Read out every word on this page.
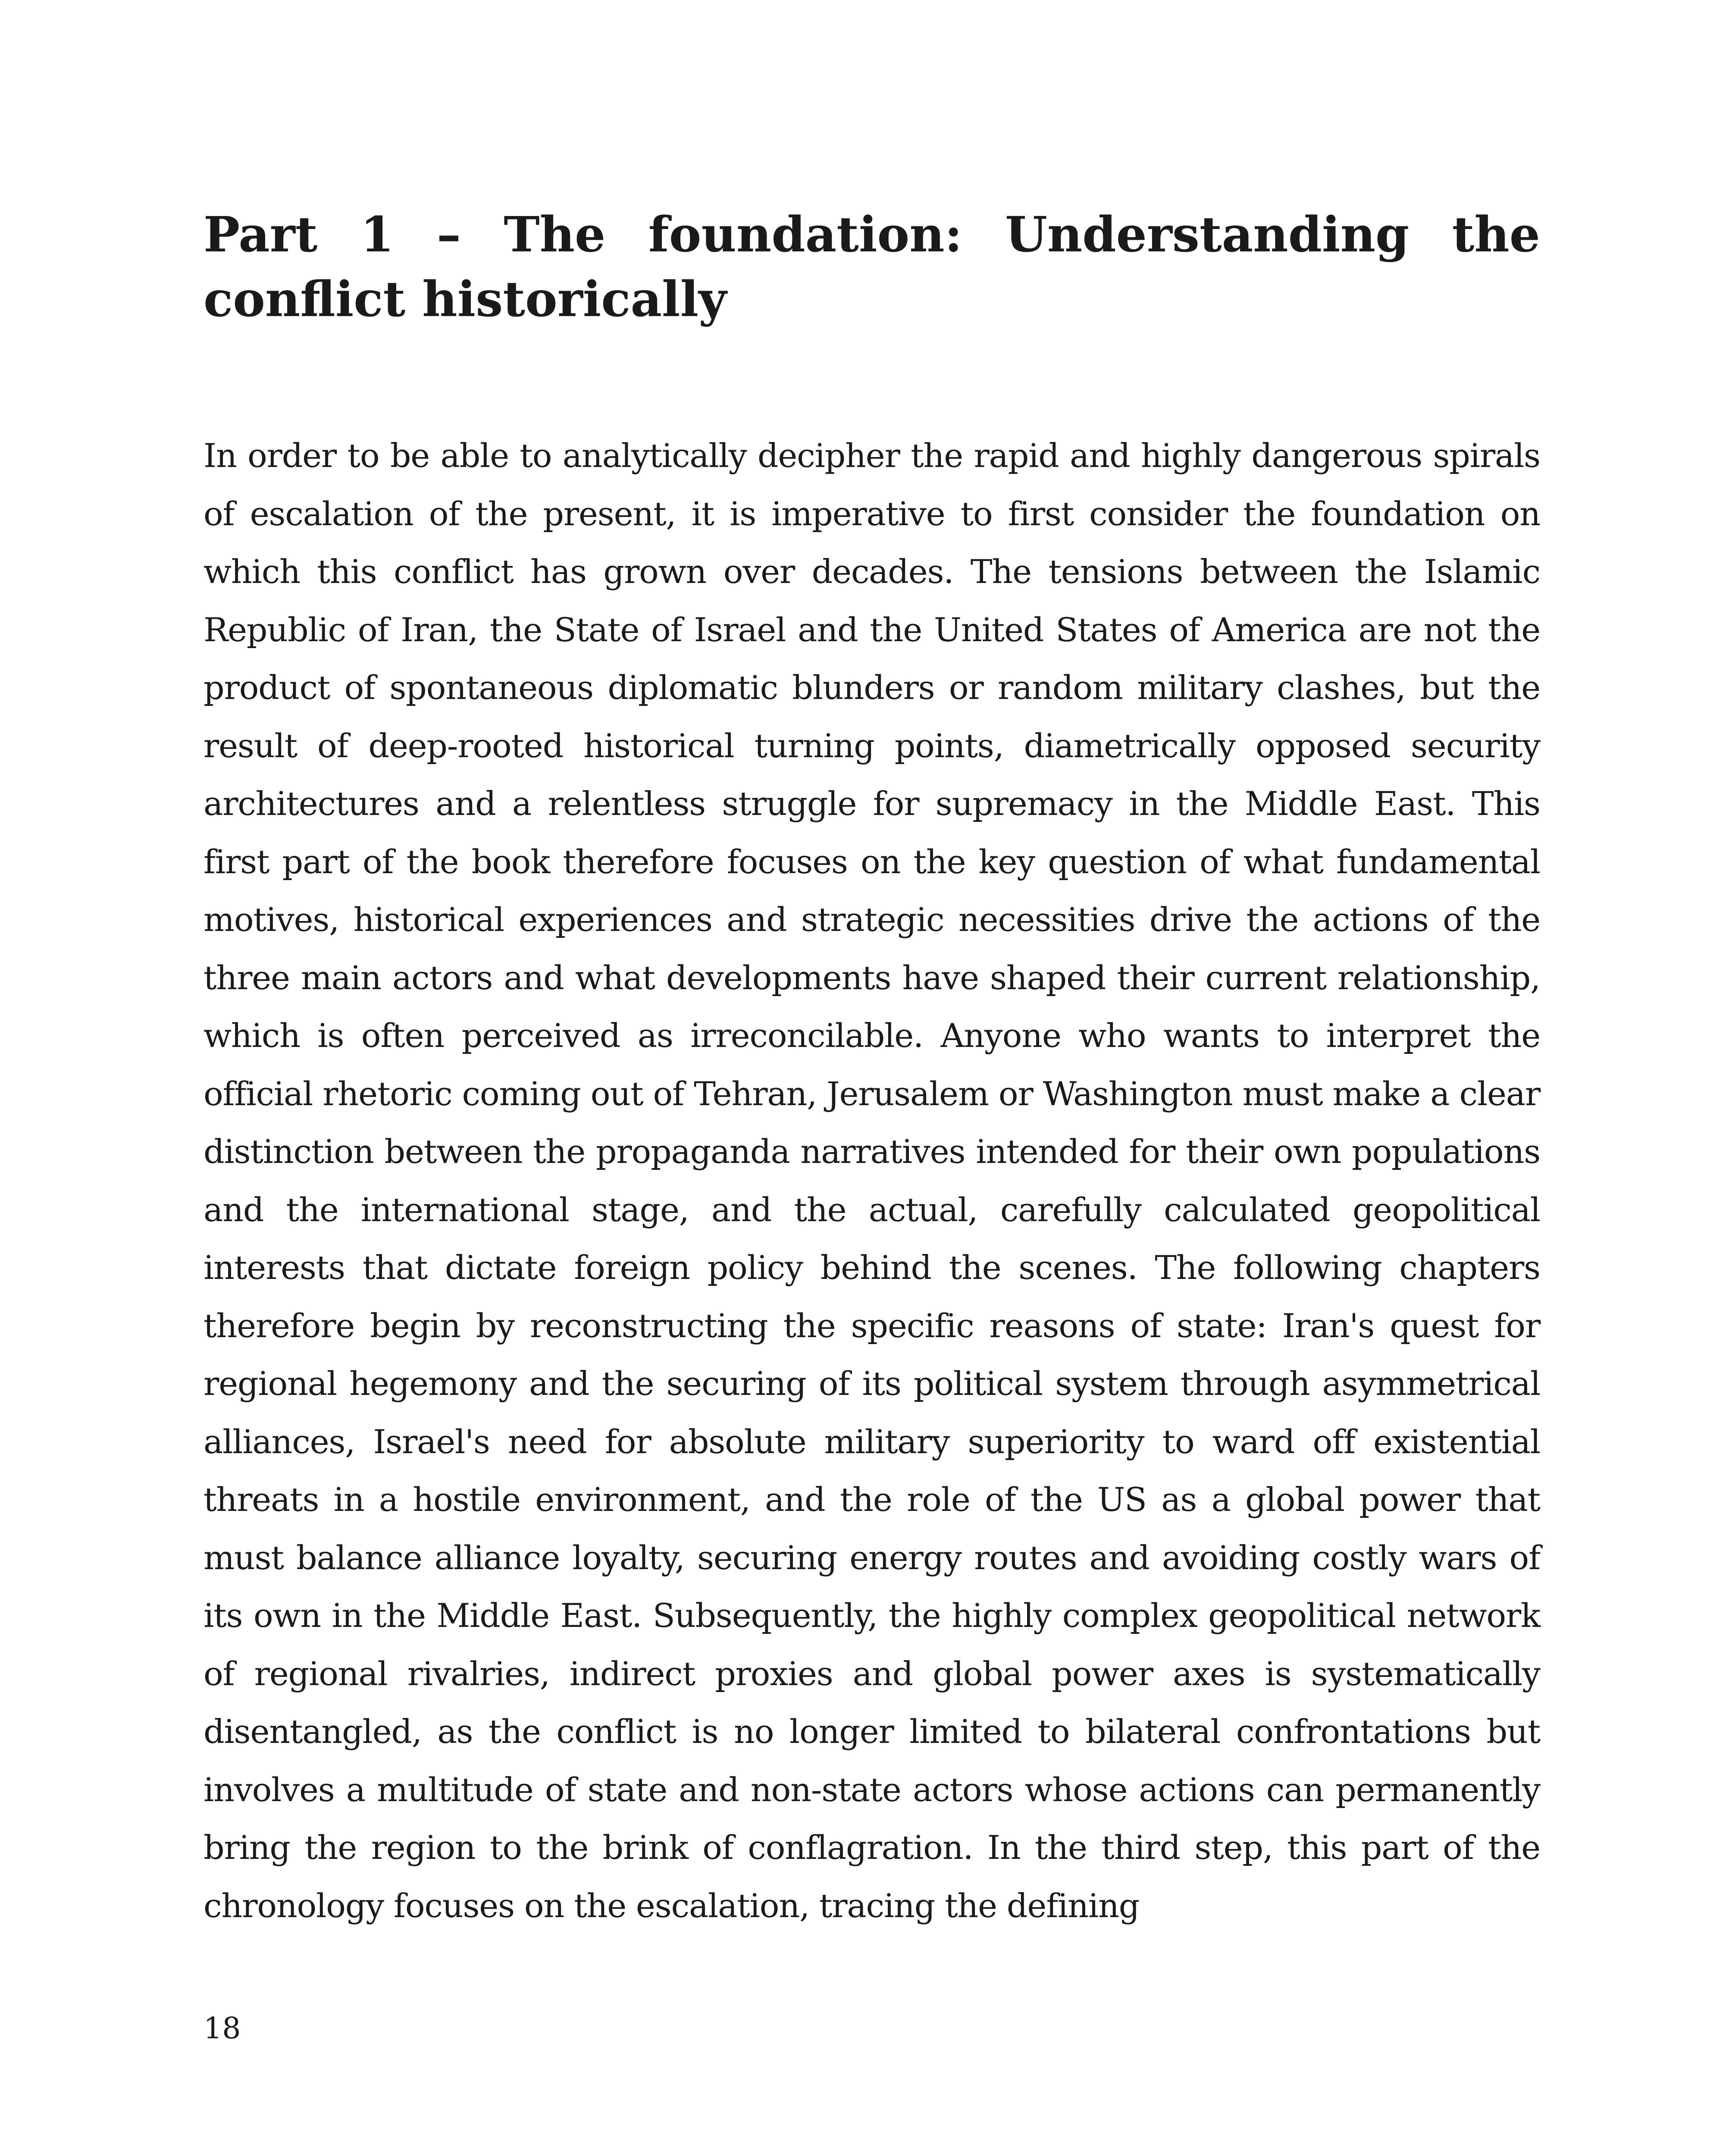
Part 1 – The foundation: Understanding the conflict historically

In order to be able to analytically decipher the rapid and highly dangerous spirals of escalation of the present, it is imperative to first consider the foundation on which this conflict has grown over decades. The tensions between the Islamic Republic of Iran, the State of Israel and the United States of America are not the product of spontaneous diplomatic blunders or random military clashes, but the result of deep-rooted historical turning points, diametrically opposed security architectures and a relentless struggle for supremacy in the Middle East. This first part of the book therefore focuses on the key question of what fundamental motives, historical experiences and strategic necessities drive the actions of the three main actors and what developments have shaped their current relationship, which is often perceived as irreconcilable. Anyone who wants to interpret the official rhetoric coming out of Tehran, Jerusalem or Washington must make a clear distinction between the propaganda narratives intended for their own populations and the international stage, and the actual, carefully calculated geopolitical interests that dictate foreign policy behind the scenes. The following chapters therefore begin by reconstructing the specific reasons of state: Iran's quest for regional hegemony and the securing of its political system through asymmetrical alliances, Israel's need for absolute military superiority to ward off existential threats in a hostile environment, and the role of the US as a global power that must balance alliance loyalty, securing energy routes and avoiding costly wars of its own in the Middle East. Subsequently, the highly complex geopolitical network of regional rivalries, indirect proxies and global power axes is systematically disentangled, as the conflict is no longer limited to bilateral confrontations but involves a multitude of state and non-state actors whose actions can permanently bring the region to the brink of conflagration. In the third step, this part of the chronology focuses on the escalation, tracing the defining

18
